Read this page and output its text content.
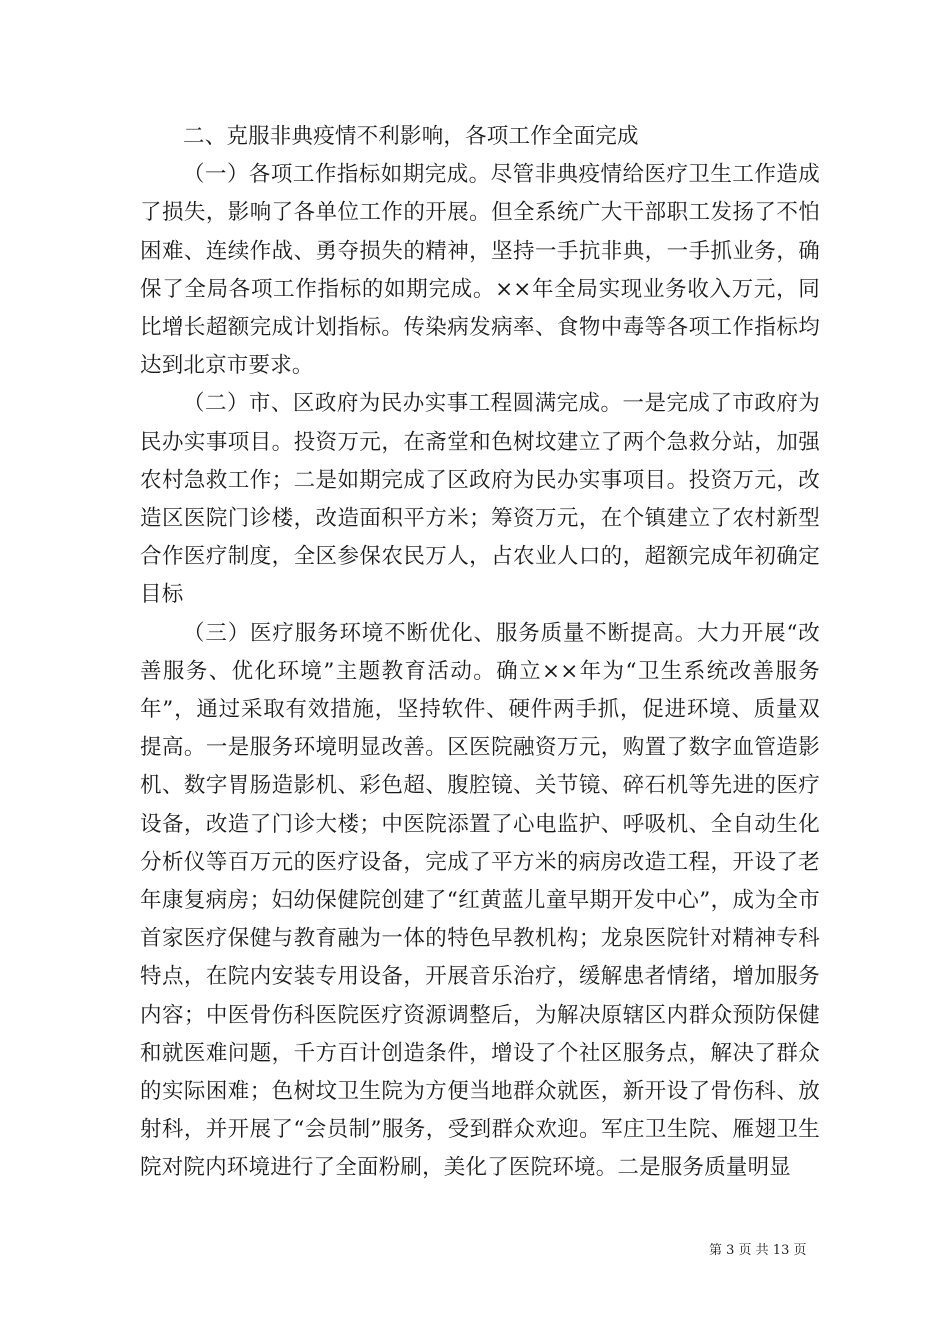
二、克服非典疫情不利影响，各项工作全面完成

（一）各项工作指标如期完成。尽管非典疫情给医疗卫生工作造成了损失，影响了各单位工作的开展。但全系统广大干部职工发扬了不怕困难、连续作战、勇夺损失的精神，坚持一手抗非典，一手抓业务，确保了全局各项工作指标的如期完成。××年全局实现业务收入万元，同比增长超额完成计划指标。传染病发病率、食物中毒等各项工作指标均达到北京市要求。

（二）市、区政府为民办实事工程圆满完成。一是完成了市政府为民办实事项目。投资万元，在斋堂和色树坟建立了两个急救分站，加强农村急救工作；二是如期完成了区政府为民办实事项目。投资万元，改造区医院门诊楼，改造面积平方米；筹资万元，在个镇建立了农村新型合作医疗制度，全区参保农民万人，占农业人口的，超额完成年初确定目标

（三）医疗服务环境不断优化、服务质量不断提高。大力开展“改善服务、优化环境”主题教育活动。确立××年为“卫生系统改善服务年”，通过采取有效措施，坚持软件、硬件两手抓，促进环境、质量双提高。一是服务环境明显改善。区医院融资万元，购置了数字血管造影机、数字胃肠造影机、彩色超、腹腔镜、关节镜、碎石机等先进的医疗设备，改造了门诊大楼；中医院添置了心电监护、呼吸机、全自动生化分析仪等百万元的医疗设备，完成了平方米的病房改造工程，开设了老年康复病房；妇幼保健院创建了“红黄蓝儿童早期开发中心”，成为全市首家医疗保健与教育融为一体的特色早教机构；龙泉医院针对精神专科特点，在院内安装专用设备，开展音乐治疗，缓解患者情绪，增加服务内容；中医骨伤科医院医疗资源调整后，为解决原辖区内群众预防保健和就医难问题，千方百计创造条件，增设了个社区服务点，解决了群众的实际困难；色树坟卫生院为方便当地群众就医，新开设了骨伤科、放射科，并开展了“会员制”服务，受到群众欢迎。军庄卫生院、雁翅卫生院对院内环境进行了全面粉刷，美化了医院环境。二是服务质量明显

第 3 页 共 13 页
